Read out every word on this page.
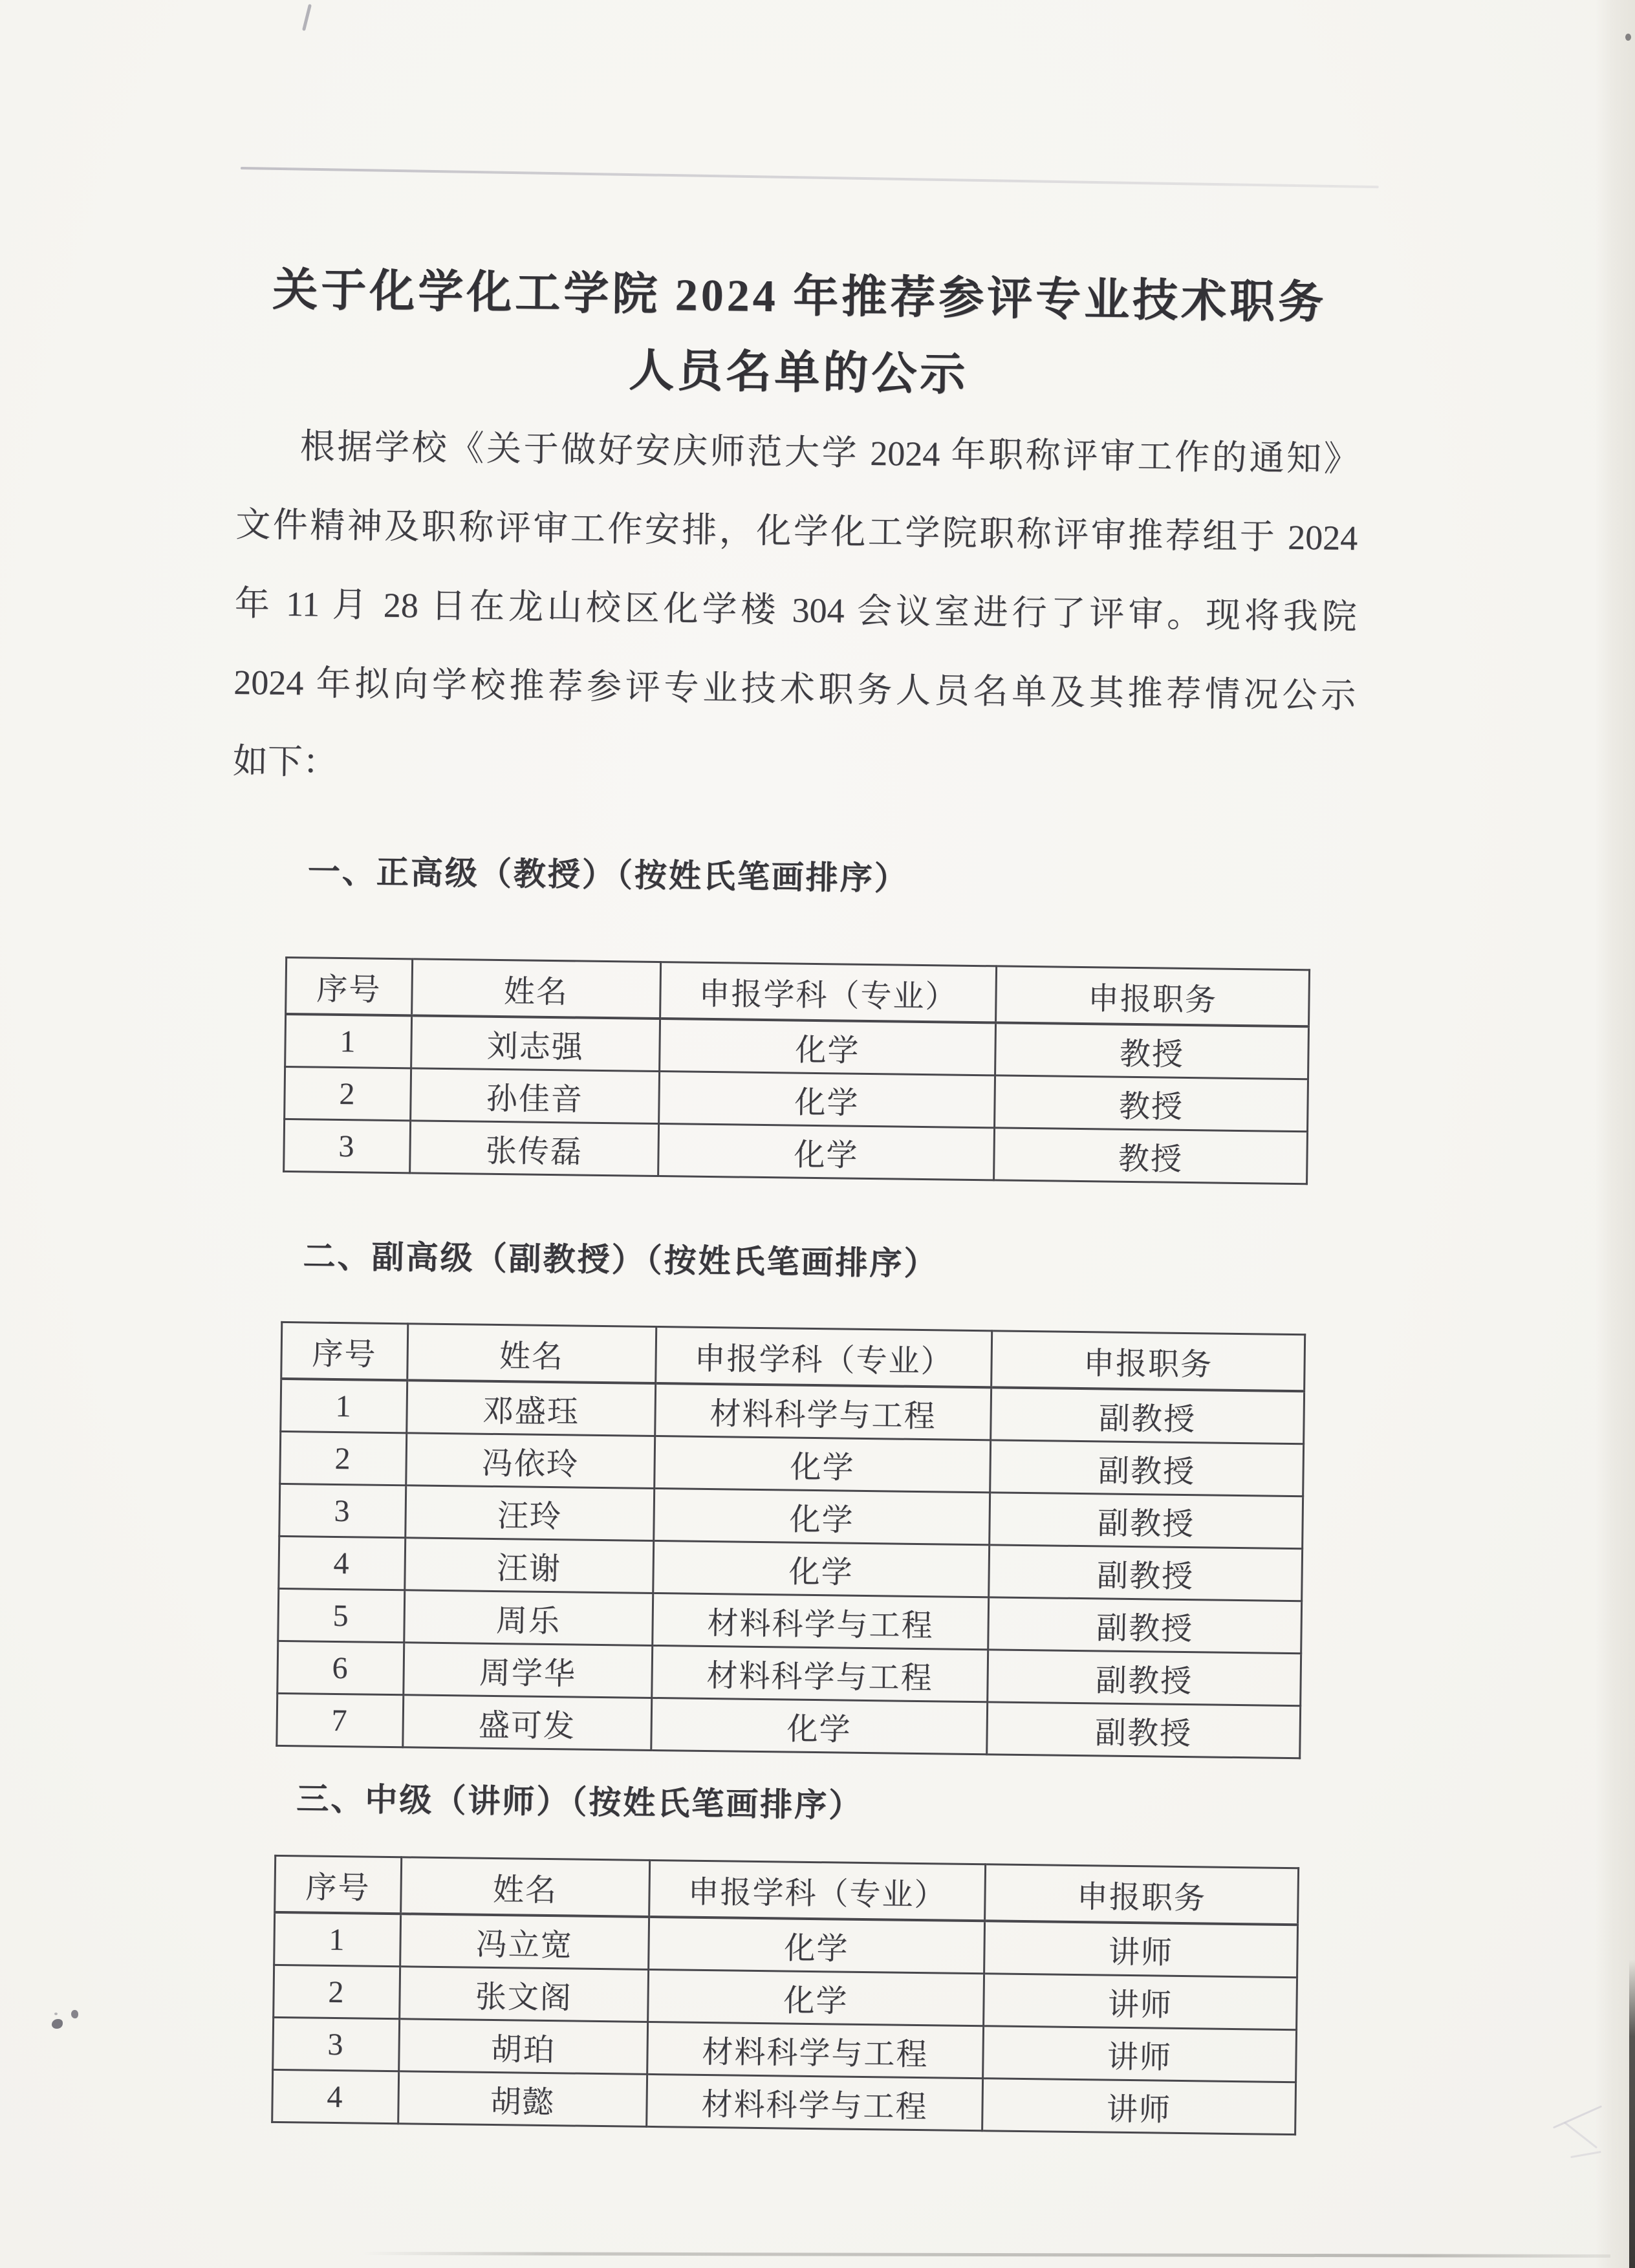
关于化学化工学院 2024 年推荐参评专业技术职务
人员名单的公示

根据学校《关于做好安庆师范大学 2024 年职称评审工作的通知》

文件精神及职称评审工作安排，化学化工学院职称评审推荐组于 2024

年 11 月 28 日在龙山校区化学楼 304 会议室进行了评审。现将我院

2024 年拟向学校推荐参评专业技术职务人员名单及其推荐情况公示

如下：

一、正高级（教授）（按姓氏笔画排序）
序号	姓名	申报学科（专业）	申报职务
1	刘志强	化学	教授
2	孙佳音	化学	教授
3	张传磊	化学	教授
二、副高级（副教授）（按姓氏笔画排序）
序号	姓名	申报学科（专业）	申报职务
1	邓盛珏	材料科学与工程	副教授
2	冯依玲	化学	副教授
3	汪玲	化学	副教授
4	汪谢	化学	副教授
5	周乐	材料科学与工程	副教授
6	周学华	材料科学与工程	副教授
7	盛可发	化学	副教授
三、中级（讲师）（按姓氏笔画排序）
序号	姓名	申报学科（专业）	申报职务
1	冯立宽	化学	讲师
2	张文阁	化学	讲师
3	胡珀	材料科学与工程	讲师
4	胡懿	材料科学与工程	讲师
